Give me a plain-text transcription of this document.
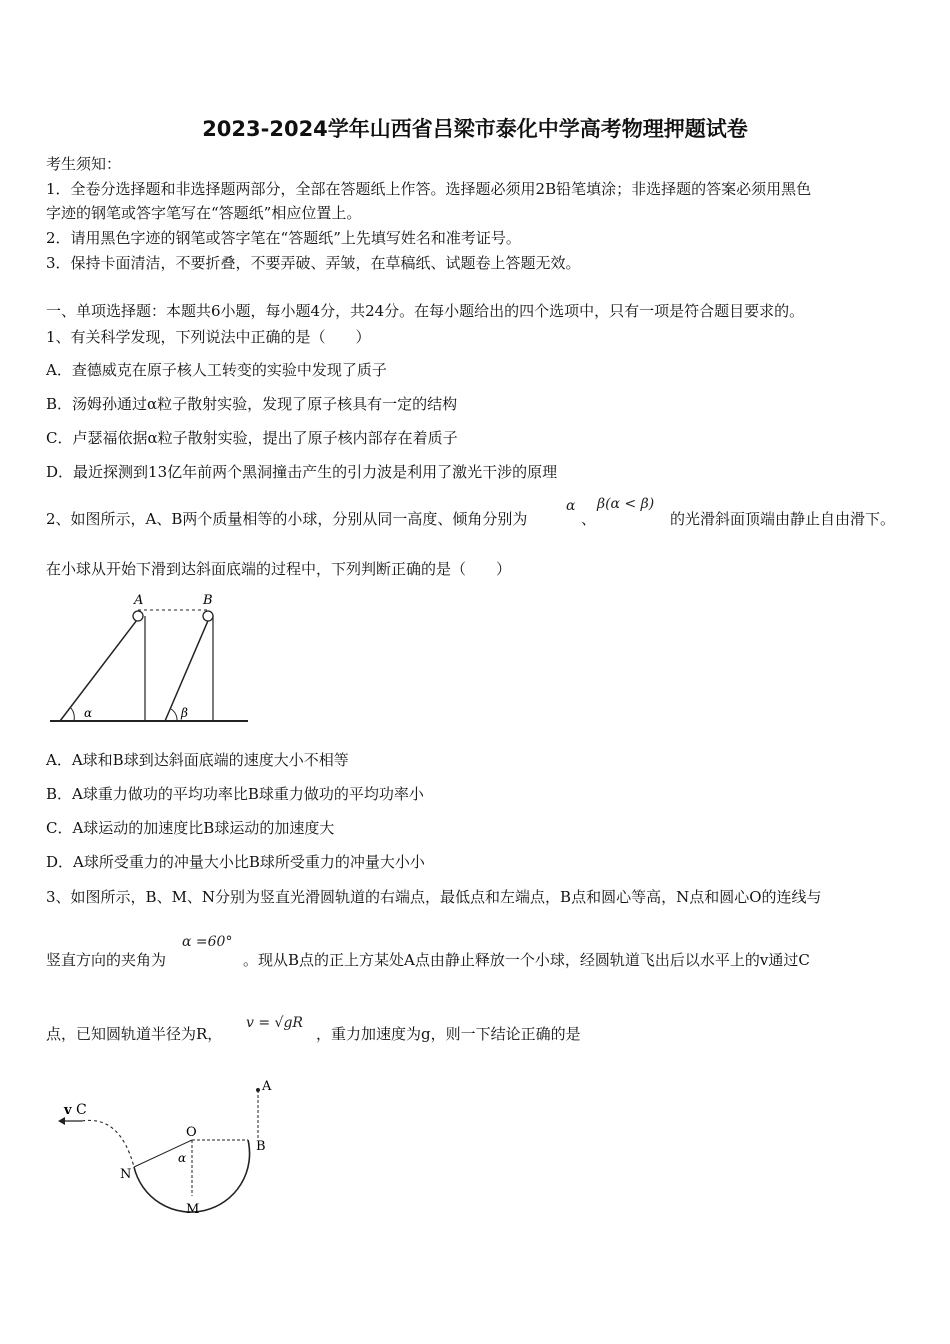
2023-2024学年山西省吕梁市泰化中学高考物理押题试卷
考生须知：
1．全卷分选择题和非选择题两部分，全部在答题纸上作答。选择题必须用2B铅笔填涂；非选择题的答案必须用黑色
字迹的钢笔或答字笔写在“答题纸”相应位置上。
2．请用黑色字迹的钢笔或答字笔在“答题纸”上先填写姓名和准考证号。
3．保持卡面清洁，不要折叠，不要弄破、弄皱，在草稿纸、试题卷上答题无效。
一、单项选择题：本题共6小题，每小题4分，共24分。在每小题给出的四个选项中，只有一项是符合题目要求的。
1、有关科学发现，下列说法中正确的是（　　）
A．查德威克在原子核人工转变的实验中发现了质子
B．汤姆孙通过α粒子散射实验，发现了原子核具有一定的结构
C．卢瑟福依据α粒子散射实验，提出了原子核内部存在着质子
D．最近探测到13亿年前两个黑洞撞击产生的引力波是利用了激光干涉的原理
2、如图所示，A、B两个质量相等的小球，分别从同一高度、倾角分别为
α
、
β(α < β)
的光滑斜面顶端由静止自由滑下。
在小球从开始下滑到达斜面底端的过程中，下列判断正确的是（　　）
A	B
α	β
A．A球和B球到达斜面底端的速度大小不相等
B．A球重力做功的平均功率比B球重力做功的平均功率小
C．A球运动的加速度比B球运动的加速度大
D．A球所受重力的冲量大小比B球所受重力的冲量大小小
3、如图所示，B、M、N分别为竖直光滑圆轨道的右端点，最低点和左端点，B点和圆心等高，N点和圆心O的连线与
竖直方向的夹角为
α =60°
。现从B点的正上方某处A点由静止释放一个小球，经圆轨道飞出后以水平上的v通过C
点，已知圆轨道半径为R，
v = √gR
，重力加速度为g，则一下结论正确的是
v C
O
α
A
B
N
M
